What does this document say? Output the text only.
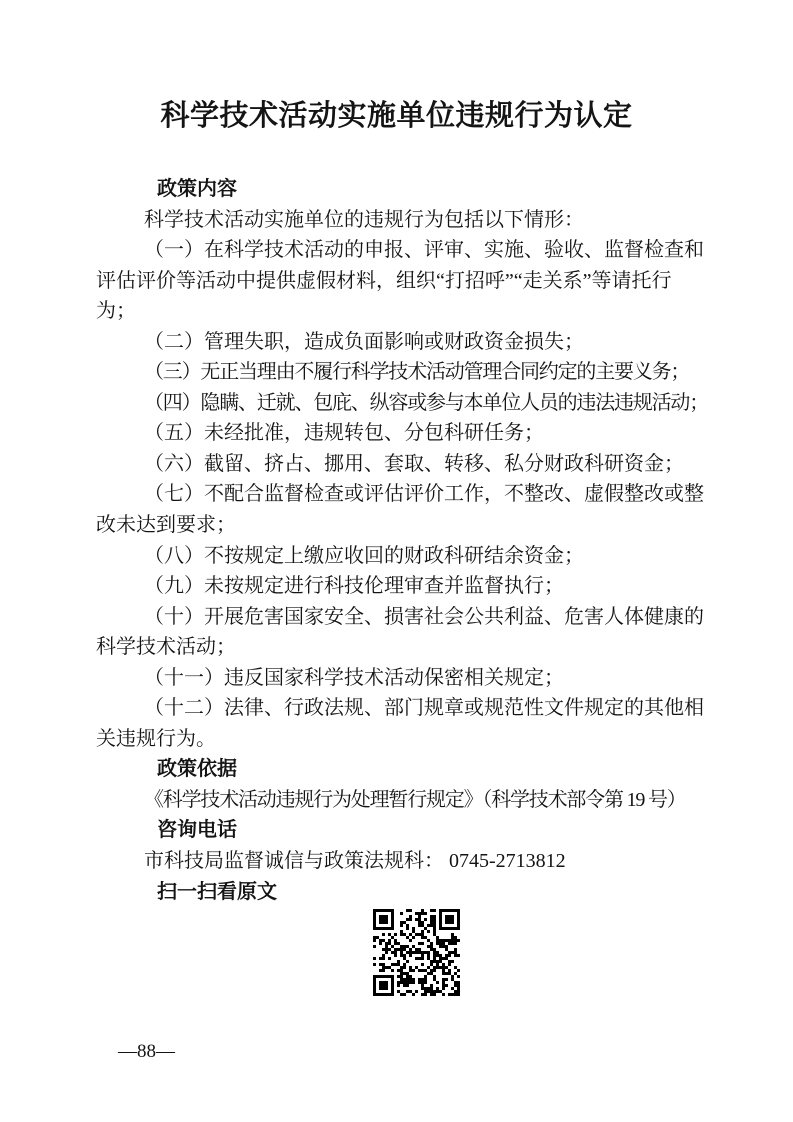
科学技术活动实施单位违规行为认定
政策内容

科学技术活动实施单位的违规行为包括以下情形：

（一）在科学技术活动的申报、评审、实施、验收、监督检查和评估评价等活动中提供虚假材料，组织“打招呼”“走关系”等请托行为；

（二）管理失职，造成负面影响或财政资金损失；

（三）无正当理由不履行科学技术活动管理合同约定的主要义务；

（四）隐瞒、迁就、包庇、纵容或参与本单位人员的违法违规活动；

（五）未经批准，违规转包、分包科研任务；

（六）截留、挤占、挪用、套取、转移、私分财政科研资金；

（七）不配合监督检查或评估评价工作，不整改、虚假整改或整改未达到要求；

（八）不按规定上缴应收回的财政科研结余资金；

（九）未按规定进行科技伦理审查并监督执行；

（十）开展危害国家安全、损害社会公共利益、危害人体健康的科学技术活动；

（十一）违反国家科学技术活动保密相关规定；

（十二）法律、行政法规、部门规章或规范性文件规定的其他相关违规行为。

政策依据

《科学技术活动违规行为处理暂行规定》（科学技术部令第 19 号）

咨询电话

市科技局监督诚信与政策法规科： 0745-2713812

扫一扫看原文
—88—
